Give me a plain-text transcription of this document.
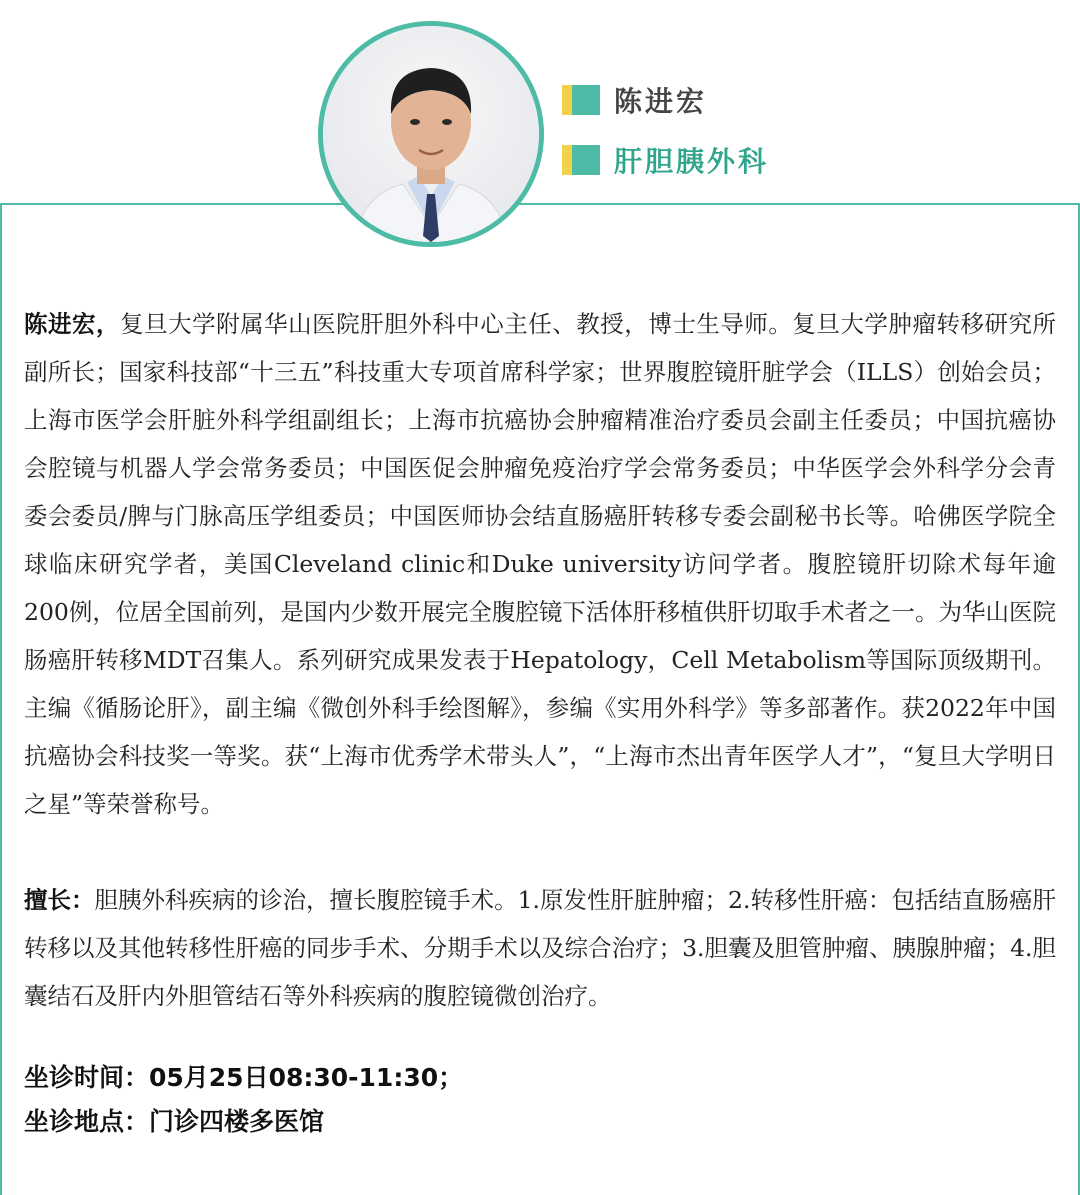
陈进宏
肝胆胰外科

陈进宏，复旦大学附属华山医院肝胆外科中心主任、教授，博士生导师。复旦大学肿瘤转移研究所副所长；国家科技部“十三五”科技重大专项首席科学家；世界腹腔镜肝脏学会（ILLS）创始会员；上海市医学会肝脏外科学组副组长；上海市抗癌协会肿瘤精准治疗委员会副主任委员；中国抗癌协会腔镜与机器人学会常务委员；中国医促会肿瘤免疫治疗学会常务委员；中华医学会外科学分会青委会委员/脾与门脉高压学组委员；中国医师协会结直肠癌肝转移专委会副秘书长等。哈佛医学院全球临床研究学者，美国Cleveland clinic和Duke university访问学者。腹腔镜肝切除术每年逾200例，位居全国前列，是国内少数开展完全腹腔镜下活体肝移植供肝切取手术者之一。为华山医院肠癌肝转移MDT召集人。系列研究成果发表于Hepatology，Cell Metabolism等国际顶级期刊。主编《循肠论肝》，副主编《微创外科手绘图解》，参编《实用外科学》等多部著作。获2022年中国抗癌协会科技奖一等奖。获“上海市优秀学术带头人”，“上海市杰出青年医学人才”，“复旦大学明日之星”等荣誉称号。

擅长：胆胰外科疾病的诊治，擅长腹腔镜手术。1.原发性肝脏肿瘤；2.转移性肝癌：包括结直肠癌肝转移以及其他转移性肝癌的同步手术、分期手术以及综合治疗；3.胆囊及胆管肿瘤、胰腺肿瘤；4.胆囊结石及肝内外胆管结石等外科疾病的腹腔镜微创治疗。

坐诊时间：05月25日08:30-11:30；
坐诊地点：门诊四楼多医馆
